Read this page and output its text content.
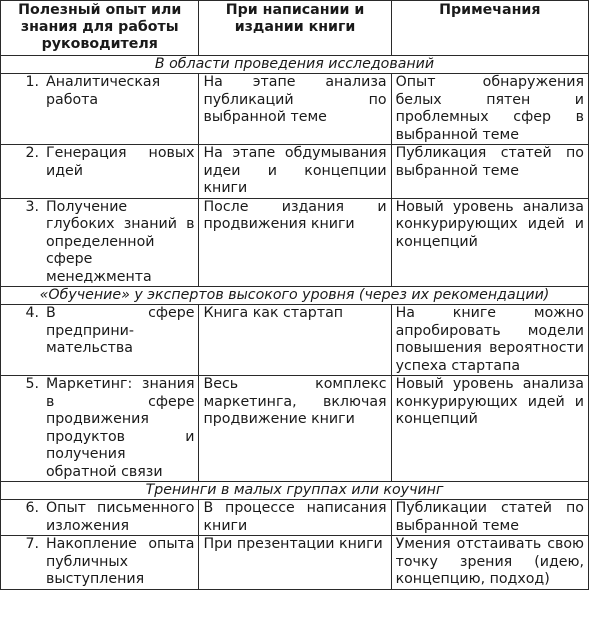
Полезный опыт или знания для работы руководителя	При написании и издании книги	Примечания
В области проведения исследований		

1. Аналитическая работа	На этапе анализа публикаций по выбранной теме	Опыт обнаружения белых пятен и проблемных сфер в выбранной теме

2. Генерация новых идей	На этапе обдумывания идеи и концепции книги	Публикация статей по выбранной теме

3. Получение глубоких знаний в определенной сфере менеджмента	После издания и продвижения книги	Новый уровень анализа конкурирующих идей и концепций
«Обучение» у экспертов высокого уровня (через их рекомендации)		

4. В сфере предприни-мательства	Книга как стартап	На книге можно апробировать модели повышения вероятности успеха стартапа

5. Маркетинг: знания в сфере продвижения продуктов и получения обратной связи	Весь комплекс маркетинга, включая продвижение книги	Новый уровень анализа конкурирующих идей и концепций
Тренинги в малых группах или коучинг		

6. Опыт письменного изложения	В процессе написания книги	Публикации статей по выбранной теме

7. Накопление опыта публичных выступления	При презентации книги	Умения отстаивать свою точку зрения (идею, концепцию, подход)
